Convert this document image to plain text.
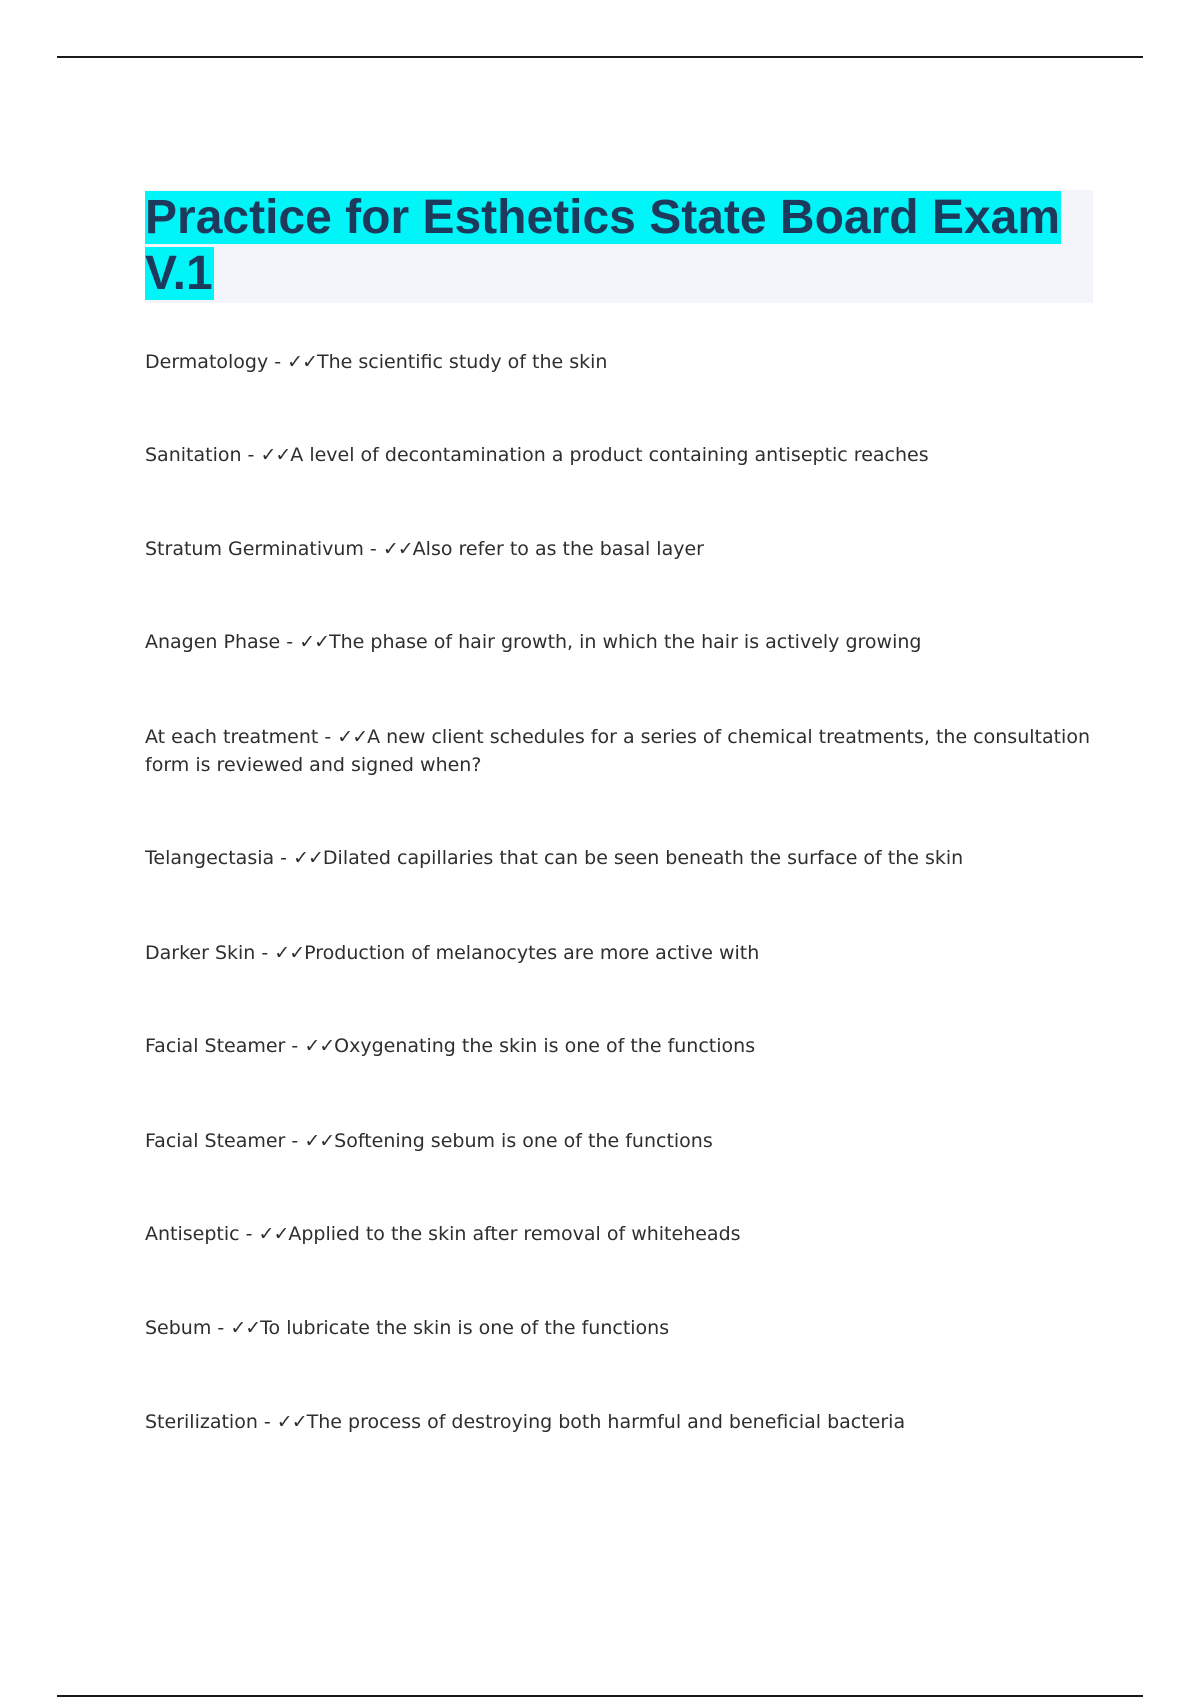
Practice for Esthetics State Board Exam
V.1

Dermatology - ✓✓The scientific study of the skin

Sanitation - ✓✓A level of decontamination a product containing antiseptic reaches

Stratum Germinativum - ✓✓Also refer to as the basal layer

Anagen Phase - ✓✓The phase of hair growth, in which the hair is actively growing

At each treatment - ✓✓A new client schedules for a series of chemical treatments, the consultation form is reviewed and signed when?

Telangectasia - ✓✓Dilated capillaries that can be seen beneath the surface of the skin

Darker Skin - ✓✓Production of melanocytes are more active with

Facial Steamer - ✓✓Oxygenating the skin is one of the functions

Facial Steamer - ✓✓Softening sebum is one of the functions

Antiseptic - ✓✓Applied to the skin after removal of whiteheads

Sebum - ✓✓To lubricate the skin is one of the functions

Sterilization - ✓✓The process of destroying both harmful and beneficial bacteria
